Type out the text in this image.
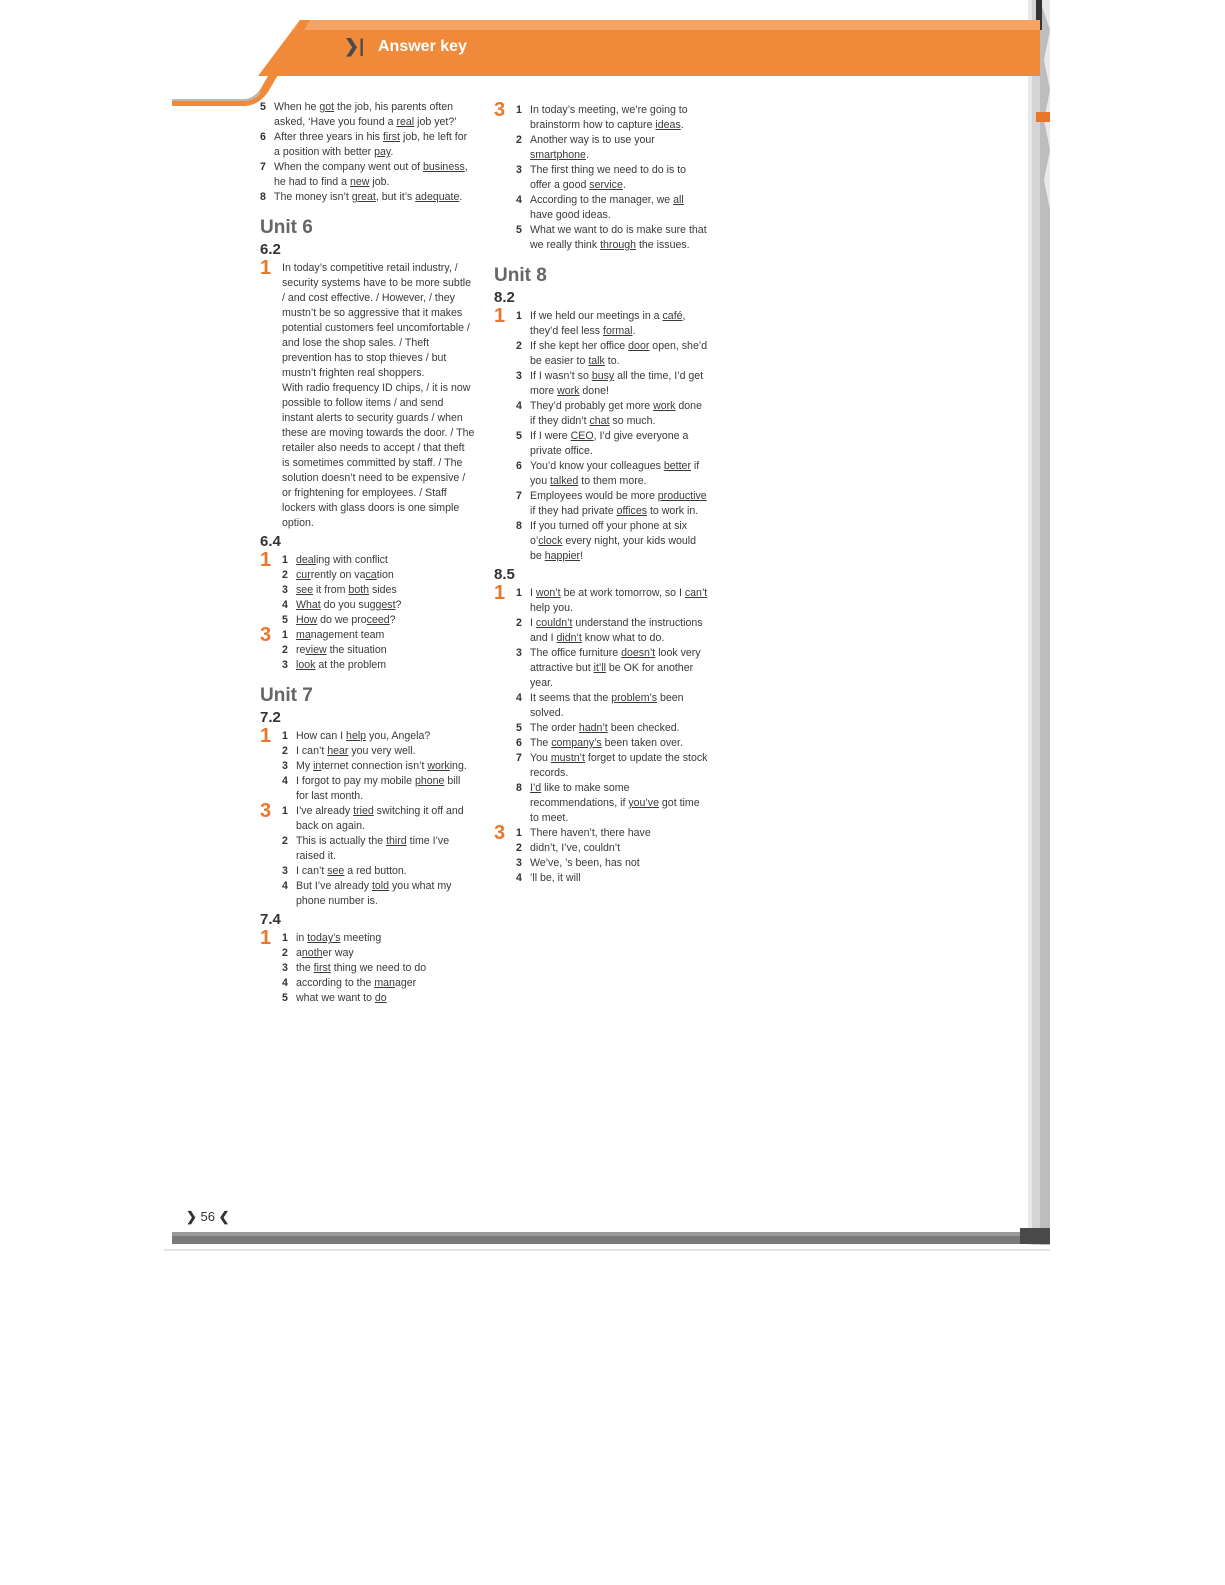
❯| Answer key
5 When he got the job, his parents often asked, ‘Have you found a real job yet?’
6 After three years in his first job, he left for a position with better pay.
7 When the company went out of business, he had to find a new job.
8 The money isn’t great, but it’s adequate.
Unit 6
6.2
1 In today’s competitive retail industry, / security systems have to be more subtle / and cost effective. / However, / they mustn’t be so aggressive that it makes potential customers feel uncomfortable / and lose the shop sales. / Theft prevention has to stop thieves / but mustn’t frighten real shoppers.
With radio frequency ID chips, / it is now possible to follow items / and send instant alerts to security guards / when these are moving towards the door. / The retailer also needs to accept / that theft is sometimes committed by staff. / The solution doesn’t need to be expensive / or frightening for employees. / Staff lockers with glass doors is one simple option.
6.4
1 1 dealing with conflict
2 currently on vacation
3 see it from both sides
4 What do you suggest?
5 How do we proceed?
3 1 management team
2 review the situation
3 look at the problem
Unit 7
7.2
1 1 How can I help you, Angela?
2 I can’t hear you very well.
3 My internet connection isn’t working.
4 I forgot to pay my mobile phone bill for last month.
3 1 I’ve already tried switching it off and back on again.
2 This is actually the third time I’ve raised it.
3 I can’t see a red button.
4 But I’ve already told you what my phone number is.
7.4
1 1 in today’s meeting
2 another way
3 the first thing we need to do
4 according to the manager
5 what we want to do
3 1 In today’s meeting, we’re going to brainstorm how to capture ideas.
2 Another way is to use your smartphone.
3 The first thing we need to do is to offer a good service.
4 According to the manager, we all have good ideas.
5 What we want to do is make sure that we really think through the issues.
Unit 8
8.2
1 1 If we held our meetings in a café, they’d feel less formal.
2 If she kept her office door open, she’d be easier to talk to.
3 If I wasn’t so busy all the time, I’d get more work done!
4 They’d probably get more work done if they didn’t chat so much.
5 If I were CEO, I’d give everyone a private office.
6 You’d know your colleagues better if you talked to them more.
7 Employees would be more productive if they had private offices to work in.
8 If you turned off your phone at six o’clock every night, your kids would be happier!
8.5
1 1 I won’t be at work tomorrow, so I can’t help you.
2 I couldn’t understand the instructions and I didn’t know what to do.
3 The office furniture doesn’t look very attractive but it’ll be OK for another year.
4 It seems that the problem’s been solved.
5 The order hadn’t been checked.
6 The company’s been taken over.
7 You mustn’t forget to update the stock records.
8 I’d like to make some recommendations, if you’ve got time to meet.
3 1 There haven’t, there have
2 didn’t, I’ve, couldn’t
3 We’ve, ’s been, has not
4 ’ll be, it will
❯ 56 ❮
